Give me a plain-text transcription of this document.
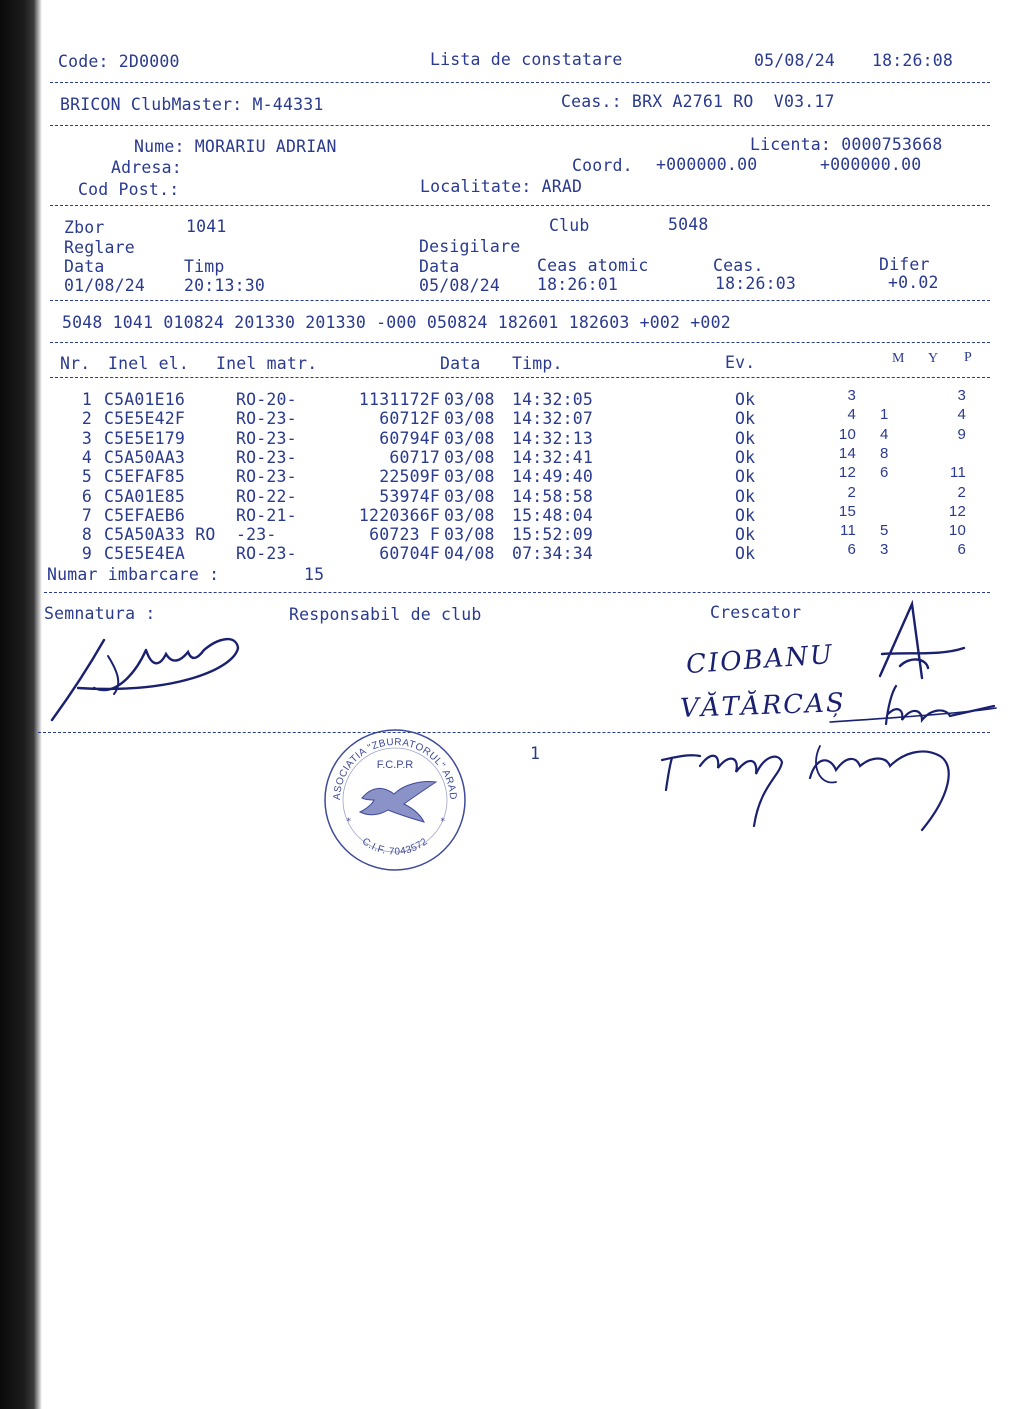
Code: 2D0000	Lista de constatare	05/08/24 18:26:08
BRICON ClubMaster: M-44331	Ceas.: BRX A2761 RO  V03.17
Nume: MORARIU ADRIAN	Licenta: 0000753668
Adresa:	Coord. +000000.00	+000000.00
Cod Post.:	Localitate: ARAD
Zbor	1041	Club	5048
Reglare	Desigilare
Data	Timp	Data	Ceas atomic	Ceas.	Difer
01/08/24 20:13:30	05/08/24 18:26:01	18:26:03	+0.02
5048 1041 010824 201330 201330 -000 050824 182601 182603 +002 +002
Nr. Inel el. Inel matr.	Data Timp.	Ev.	M Y P
1 C5A01E16	RO-20-	1131172F 03/08 14:32:05	Ok	3	3
2 C5E5E42F	RO-23-	60712F 03/08 14:32:07	Ok	4 1	4
3 C5E5E179	RO-23-	60794F 03/08 14:32:13	Ok	10 4	9
4 C5A50AA3	RO-23-	60717 03/08 14:32:41	Ok	14 8
5 C5EFAF85	RO-23-	22509F 03/08 14:49:40	Ok	12 6	11
6 C5A01E85	RO-22-	53974F 03/08 14:58:58	Ok	2	2
7 C5EFAEB6	RO-21-	1220366F 03/08 15:48:04	Ok	15	12
8 C5A50A33 RO -23-	60723 F 03/08 15:52:09	Ok	11 5	10
9 C5E5E4EA	RO-23-	60704F 04/08 07:34:34	Ok	6 3	6
Numar imbarcare :	15
Semnatura :	Responsabil de club	Crescator
CIOBANU
VĂTĂRCAȘ
1
ASOCIATIA "ZBURATORUL" ARAD
F.C.P.R
*	*
C.I.F. 7043572
